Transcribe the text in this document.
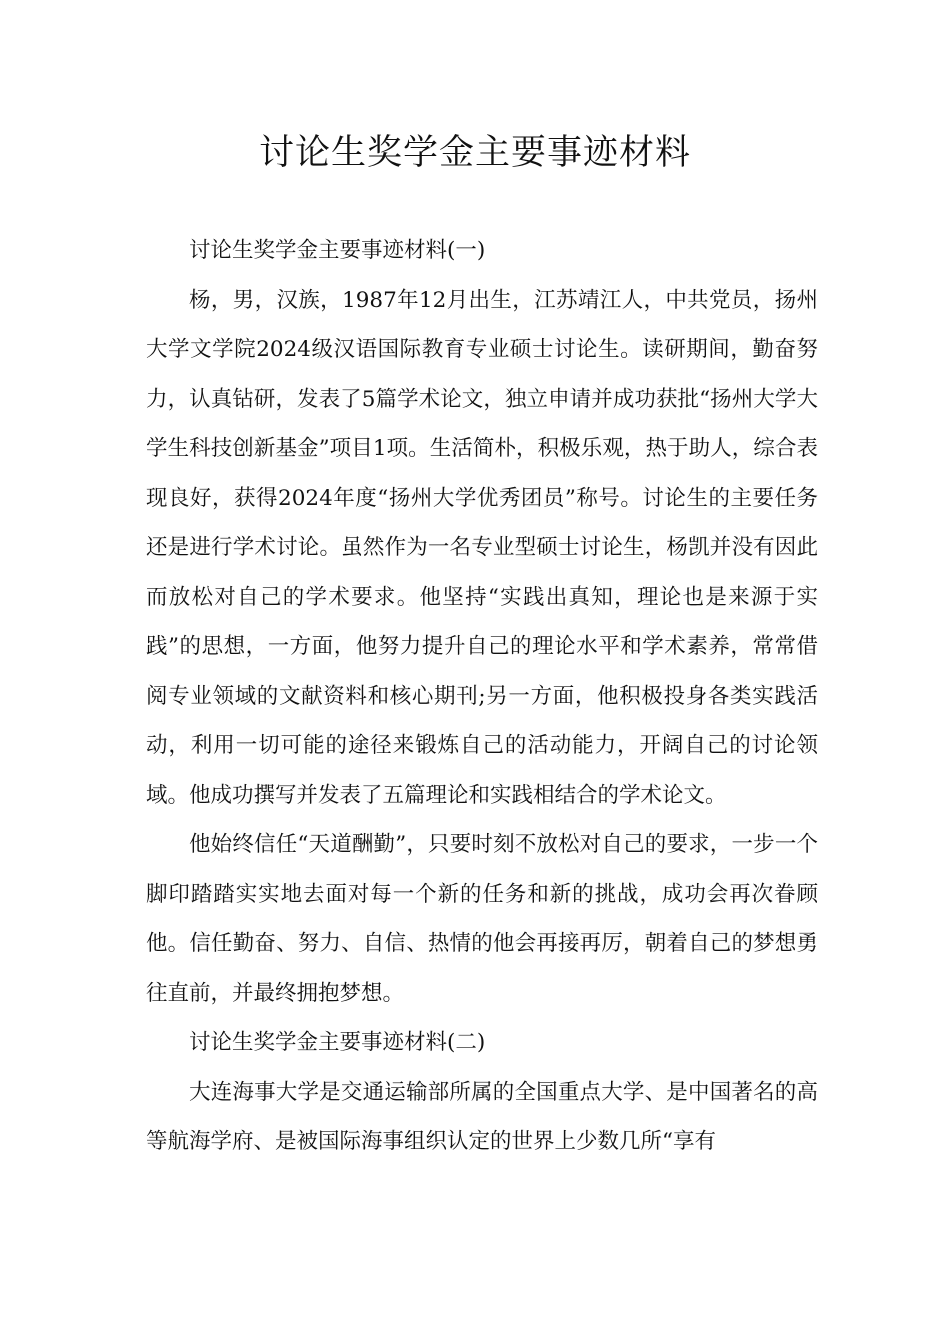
讨论生奖学金主要事迹材料

讨论生奖学金主要事迹材料(一)

杨，男，汉族，1987年12月出生，江苏靖江人，中共党员，扬州大学文学院2024级汉语国际教育专业硕士讨论生。读研期间，勤奋努力，认真钻研，发表了5篇学术论文，独立申请并成功获批“扬州大学大学生科技创新基金”项目1项。生活简朴，积极乐观，热于助人，综合表现良好，获得2024年度“扬州大学优秀团员”称号。讨论生的主要任务还是进行学术讨论。虽然作为一名专业型硕士讨论生，杨凯并没有因此而放松对自己的学术要求。他坚持“实践出真知，理论也是来源于实践”的思想，一方面，他努力提升自己的理论水平和学术素养，常常借阅专业领域的文献资料和核心期刊;另一方面，他积极投身各类实践活动，利用一切可能的途径来锻炼自己的活动能力，开阔自己的讨论领域。他成功撰写并发表了五篇理论和实践相结合的学术论文。

他始终信任“天道酬勤”，只要时刻不放松对自己的要求，一步一个脚印踏踏实实地去面对每一个新的任务和新的挑战，成功会再次眷顾他。信任勤奋、努力、自信、热情的他会再接再厉，朝着自己的梦想勇往直前，并最终拥抱梦想。

讨论生奖学金主要事迹材料(二)

大连海事大学是交通运输部所属的全国重点大学、是中国著名的高等航海学府、是被国际海事组织认定的世界上少数几所“享有
